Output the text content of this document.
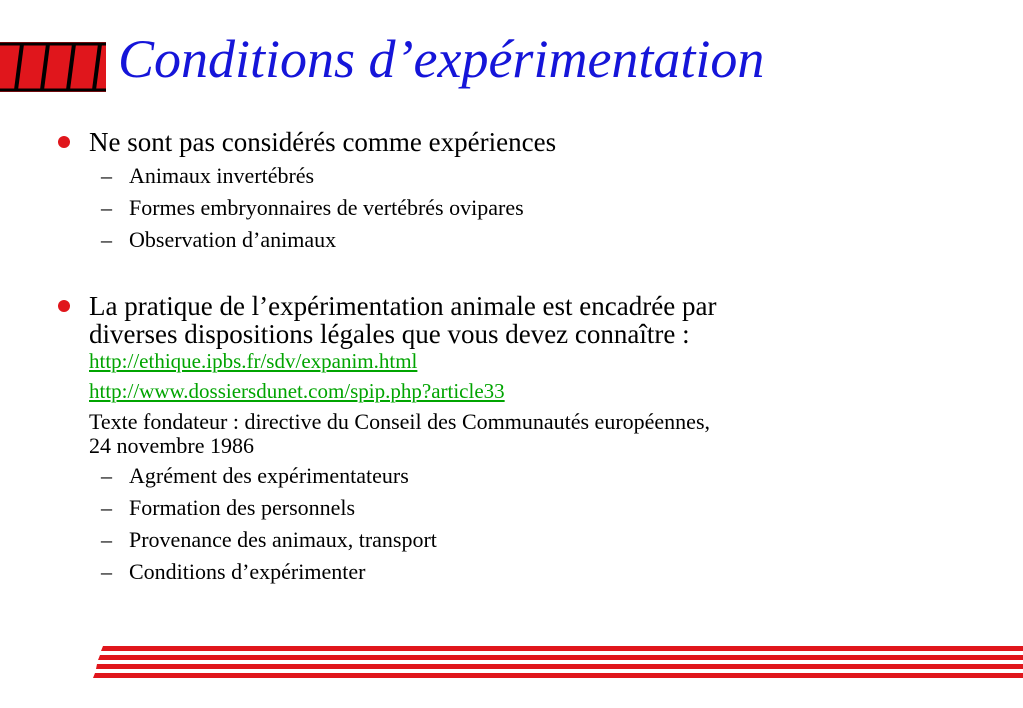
Conditions d’expérimentation
Ne sont pas considérés comme expériences
– Animaux invertébrés
– Formes embryonnaires de vertébrés ovipares
– Observation d’animaux
La pratique de l’expérimentation animale est encadrée par
diverses dispositions légales que vous devez connaître :
http://ethique.ipbs.fr/sdv/expanim.html
http://www.dossiersdunet.com/spip.php?article33
Texte fondateur : directive du Conseil des Communautés européennes,
24 novembre 1986
– Agrément des expérimentateurs
– Formation des personnels
– Provenance des animaux, transport
– Conditions d’expérimenter
